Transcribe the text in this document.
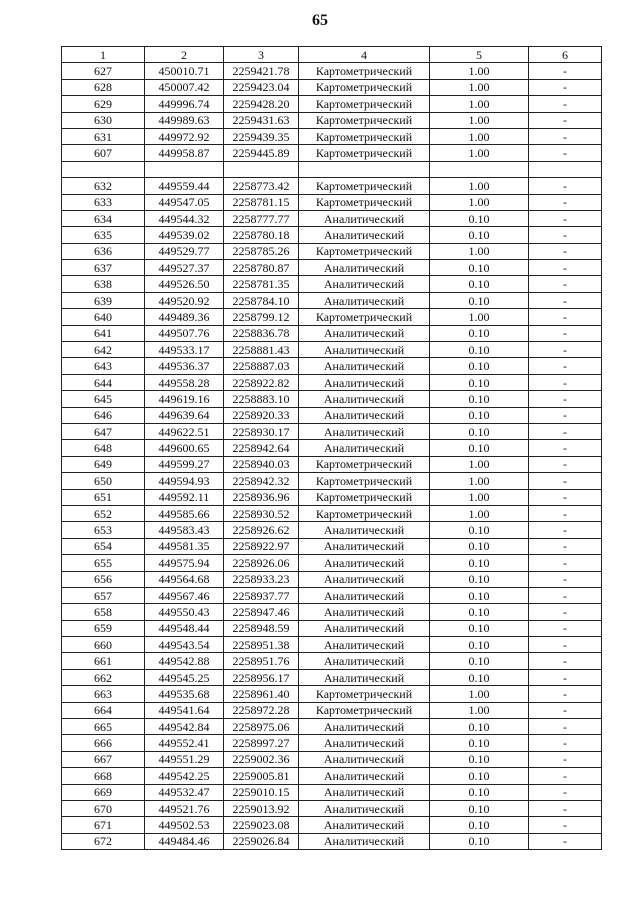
65
1	2	3	4	5	6
627	450010.71	2259421.78	Картометрический	1.00	-
628	450007.42	2259423.04	Картометрический	1.00	-
629	449996.74	2259428.20	Картометрический	1.00	-
630	449989.63	2259431.63	Картометрический	1.00	-
631	449972.92	2259439.35	Картометрический	1.00	-
607	449958.87	2259445.89	Картометрический	1.00	-

632	449559.44	2258773.42	Картометрический	1.00	-
633	449547.05	2258781.15	Картометрический	1.00	-
634	449544.32	2258777.77	Аналитический	0.10	-
635	449539.02	2258780.18	Аналитический	0.10	-
636	449529.77	2258785.26	Картометрический	1.00	-
637	449527.37	2258780.87	Аналитический	0.10	-
638	449526.50	2258781.35	Аналитический	0.10	-
639	449520.92	2258784.10	Аналитический	0.10	-
640	449489.36	2258799.12	Картометрический	1.00	-
641	449507.76	2258836.78	Аналитический	0.10	-
642	449533.17	2258881.43	Аналитический	0.10	-
643	449536.37	2258887.03	Аналитический	0.10	-
644	449558.28	2258922.82	Аналитический	0.10	-
645	449619.16	2258883.10	Аналитический	0.10	-
646	449639.64	2258920.33	Аналитический	0.10	-
647	449622.51	2258930.17	Аналитический	0.10	-
648	449600.65	2258942.64	Аналитический	0.10	-
649	449599.27	2258940.03	Картометрический	1.00	-
650	449594.93	2258942.32	Картометрический	1.00	-
651	449592.11	2258936.96	Картометрический	1.00	-
652	449585.66	2258930.52	Картометрический	1.00	-
653	449583.43	2258926.62	Аналитический	0.10	-
654	449581.35	2258922.97	Аналитический	0.10	-
655	449575.94	2258926.06	Аналитический	0.10	-
656	449564.68	2258933.23	Аналитический	0.10	-
657	449567.46	2258937.77	Аналитический	0.10	-
658	449550.43	2258947.46	Аналитический	0.10	-
659	449548.44	2258948.59	Аналитический	0.10	-
660	449543.54	2258951.38	Аналитический	0.10	-
661	449542.88	2258951.76	Аналитический	0.10	-
662	449545.25	2258956.17	Аналитический	0.10	-
663	449535.68	2258961.40	Картометрический	1.00	-
664	449541.64	2258972.28	Картометрический	1.00	-
665	449542.84	2258975.06	Аналитический	0.10	-
666	449552.41	2258997.27	Аналитический	0.10	-
667	449551.29	2259002.36	Аналитический	0.10	-
668	449542.25	2259005.81	Аналитический	0.10	-
669	449532.47	2259010.15	Аналитический	0.10	-
670	449521.76	2259013.92	Аналитический	0.10	-
671	449502.53	2259023.08	Аналитический	0.10	-
672	449484.46	2259026.84	Аналитический	0.10	-
